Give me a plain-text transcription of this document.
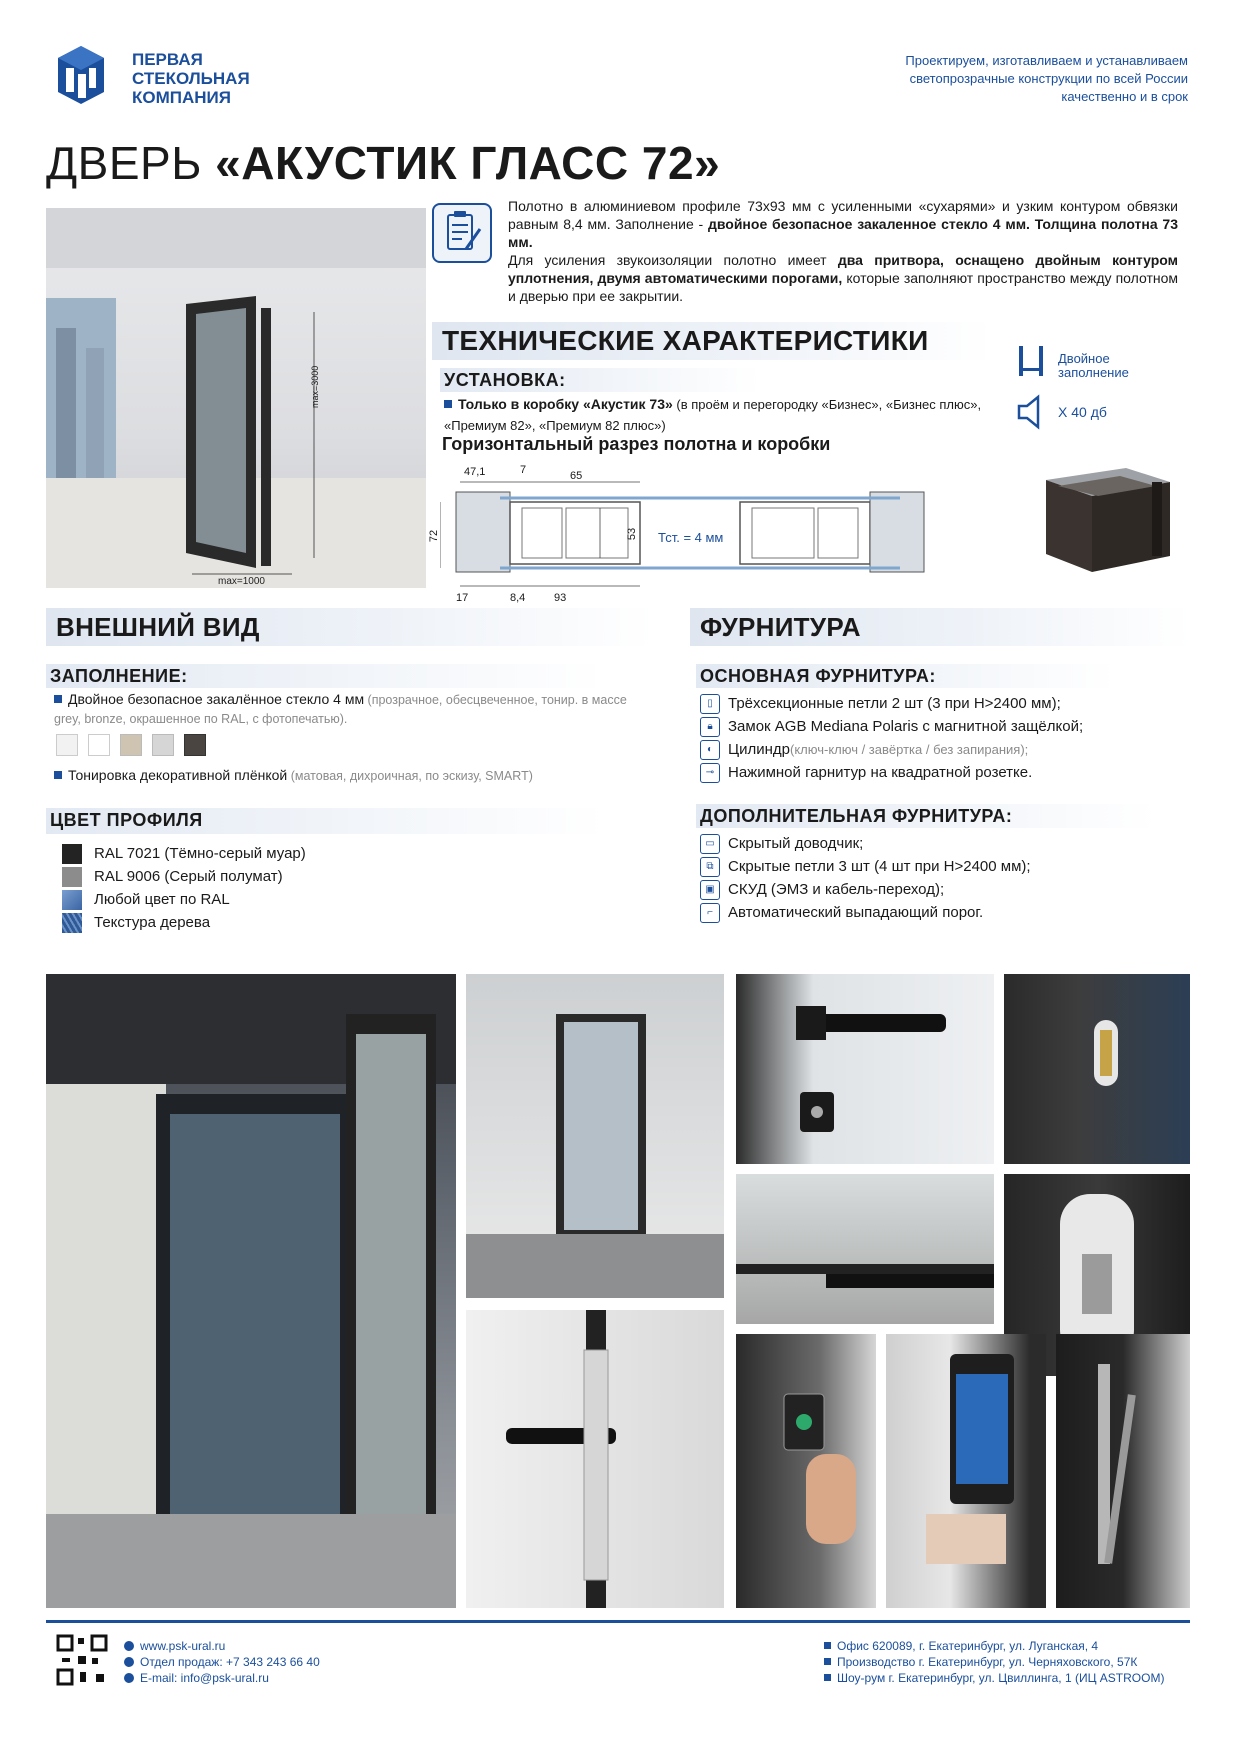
ПЕРВАЯ
СТЕКОЛЬНАЯ
КОМПАНИЯ
Проектируем, изготавливаем и устанавливаем
светопрозрачные конструкции по всей России
качественно и в срок
ДВЕРЬ «АКУСТИК ГЛАСС 72»
max=3000
max=1000
Полотно в алюминиевом профиле 73х93 мм с усиленными «сухарями» и узким контуром обвязки равным 8,4 мм. Заполнение - двойное безопасное закаленное стекло 4 мм. Толщина полотна 73 мм.
Для усиления звукоизоляции полотно имеет два притвора, оснащено двойным контуром уплотнения, двумя автоматическими порогами, которые заполняют пространство между полотном и дверью при ее закрытии.
ТЕХНИЧЕСКИЕ ХАРАКТЕРИСТИКИ
Двойное
заполнение
Х 40 дб
УСТАНОВКА:
Только в коробку «Акустик 73» (в проём и перегородку «Бизнес», «Бизнес плюс», «Премиум 82», «Премиум 82 плюс»)
Горизонтальный разрез полотна и коробки
47,1	7	65
72	53
17	8,4	93
Тст. = 4 мм
ВНЕШНИЙ ВИД
ЗАПОЛНЕНИЕ:
Двойное безопасное закалённое стекло 4 мм (прозрачное, обесцвеченное, тонир. в массе grey, bronze, окрашенное по RAL, с фотопечатью).
Тонировка декоративной плёнкой (матовая, дихроичная, по эскизу, SMART)
ЦВЕТ ПРОФИЛЯ
RAL 7021 (Тёмно-серый муар)
RAL 9006 (Серый полумат)
Любой цвет по RAL
Текстура дерева
ФУРНИТУРА
ОСНОВНАЯ ФУРНИТУРА:
▯	Трёхсекционные петли 2 шт (3 при H>2400 мм);
🔒︎	Замок AGB Mediana Polaris с магнитной защёлкой;
◐ Цилиндр (ключ-ключ / завёртка / без запирания);
⊸ Нажимной гарнитур на квадратной розетке.
ДОПОЛНИТЕЛЬНАЯ ФУРНИТУРА:
▭ Скрытый доводчик;
⧉ Скрытые петли 3 шт (4 шт при H>2400 мм);
▣ СКУД (ЭМЗ и кабель-переход);
⌐	Автоматический выпадающий порог.
www.psk-ural.ru
Отдел продаж: +7 343 243 66 40
E-mail: info@psk-ural.ru
Офис 620089, г. Екатеринбург, ул. Луганская, 4
Производство г. Екатеринбург, ул. Черняховского, 57К
Шоу-рум г. Екатеринбург, ул. Цвиллинга, 1 (ИЦ ASTROOM)
